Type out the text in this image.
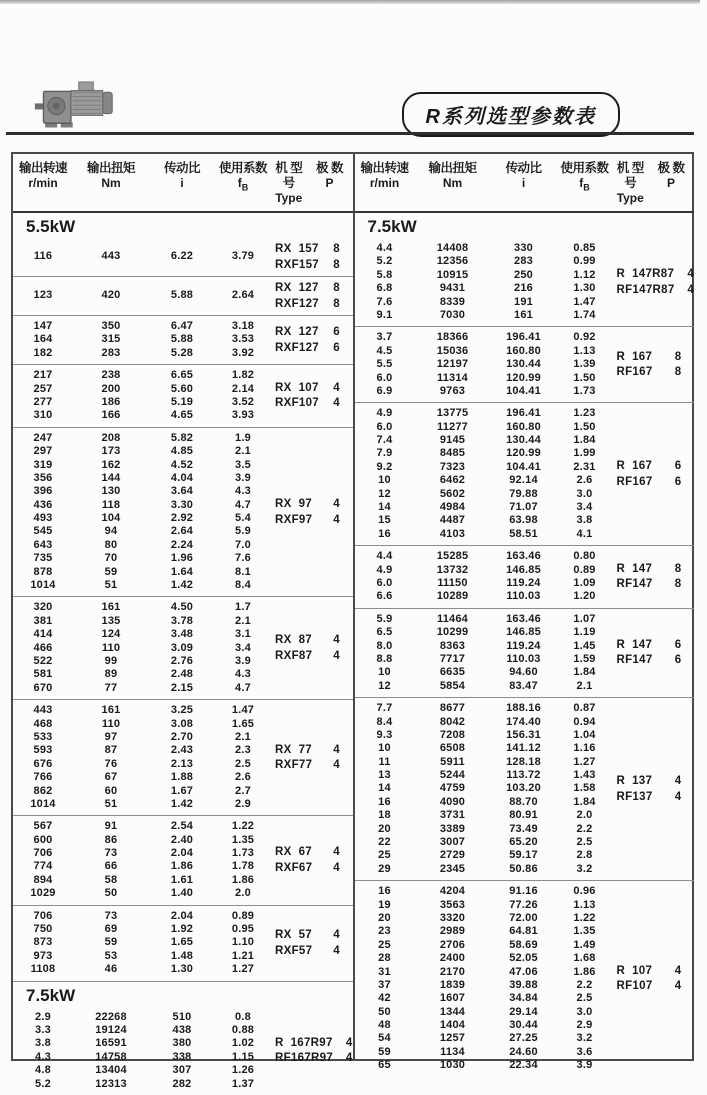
R系列选型参数表
输出转速
r/min
输出扭矩
Nm
传动比
i
使用系数
$f_B$
机 型 号
Type
极 数
P
5.5kW
116	443	6.22	3.79
RX  157	8
RXF157	8
123	420	5.88	2.64
RX  127	8
RXF127	8
147	350	6.47	3.18
164	315	5.88	3.53
182	283	5.28	3.92
RX  127	6
RXF127	6
217	238	6.65	1.82
257	200	5.60	2.14
277	186	5.19	3.52
310	166	4.65	3.93
RX  107	4
RXF107	4
247	208	5.82	1.9
297	173	4.85	2.1
319	162	4.52	3.5
356	144	4.04	3.9
396	130	3.64	4.3
436	118	3.30	4.7
493	104	2.92	5.4
545	94	2.64	5.9
643	80	2.24	7.0
735	70	1.96	7.6
878	59	1.64	8.1
1014	51	1.42	8.4
RX  97	4
RXF97	4
320	161	4.50	1.7
381	135	3.78	2.1
414	124	3.48	3.1
466	110	3.09	3.4
522	99	2.76	3.9
581	89	2.48	4.3
670	77	2.15	4.7
RX  87	4
RXF87	4
443	161	3.25	1.47
468	110	3.08	1.65
533	97	2.70	2.1
593	87	2.43	2.3
676	76	2.13	2.5
766	67	1.88	2.6
862	60	1.67	2.7
1014	51	1.42	2.9
RX  77	4
RXF77	4
567	91	2.54	1.22
600	86	2.40	1.35
706	73	2.04	1.73
774	66	1.86	1.78
894	58	1.61	1.86
1029	50	1.40	2.0
RX  67	4
RXF67	4
706	73	2.04	0.89
750	69	1.92	0.95
873	59	1.65	1.10
973	53	1.48	1.21
1108	46	1.30	1.27
RX  57	4
RXF57	4
7.5kW
2.9	22268	510	0.8
3.3	19124	438	0.88
3.8	16591	380	1.02
4.3	14758	338	1.15
4.8	13404	307	1.26
5.2	12313	282	1.37
R  167R97	4
RF167R97	4
输出转速
r/min
输出扭矩
Nm
传动比
i
使用系数
$f_B$
机 型 号
Type
极 数
P
7.5kW
4.4	14408	330	0.85
5.2	12356	283	0.99
5.8	10915	250	1.12
6.8	9431	216	1.30
7.6	8339	191	1.47
9.1	7030	161	1.74
R  147R87	4
RF147R87	4
3.7	18366	196.41	0.92
4.5	15036	160.80	1.13
5.5	12197	130.44	1.39
6.0	11314	120.99	1.50
6.9	9763	104.41	1.73
R  167	8
RF167	8
4.9	13775	196.41	1.23
6.0	11277	160.80	1.50
7.4	9145	130.44	1.84
7.9	8485	120.99	1.99
9.2	7323	104.41	2.31
10	6462	92.14	2.6
12	5602	79.88	3.0
14	4984	71.07	3.4
15	4487	63.98	3.8
16	4103	58.51	4.1
R  167	6
RF167	6
4.4	15285	163.46	0.80
4.9	13732	146.85	0.89
6.0	11150	119.24	1.09
6.6	10289	110.03	1.20
R  147	8
RF147	8
5.9	11464	163.46	1.07
6.5	10299	146.85	1.19
8.0	8363	119.24	1.45
8.8	7717	110.03	1.59
10	6635	94.60	1.84
12	5854	83.47	2.1
R  147	6
RF147	6
7.7	8677	188.16	0.87
8.4	8042	174.40	0.94
9.3	7208	156.31	1.04
10	6508	141.12	1.16
11	5911	128.18	1.27
13	5244	113.72	1.43
14	4759	103.20	1.58
16	4090	88.70	1.84
18	3731	80.91	2.0
20	3389	73.49	2.2
22	3007	65.20	2.5
25	2729	59.17	2.8
29	2345	50.86	3.2
R  137	4
RF137	4
16	4204	91.16	0.96
19	3563	77.26	1.13
20	3320	72.00	1.22
23	2989	64.81	1.35
25	2706	58.69	1.49
28	2400	52.05	1.68
31	2170	47.06	1.86
37	1839	39.88	2.2
42	1607	34.84	2.5
50	1344	29.14	3.0
48	1404	30.44	2.9
54	1257	27.25	3.2
59	1134	24.60	3.6
65	1030	22.34	3.9
R  107	4
RF107	4
